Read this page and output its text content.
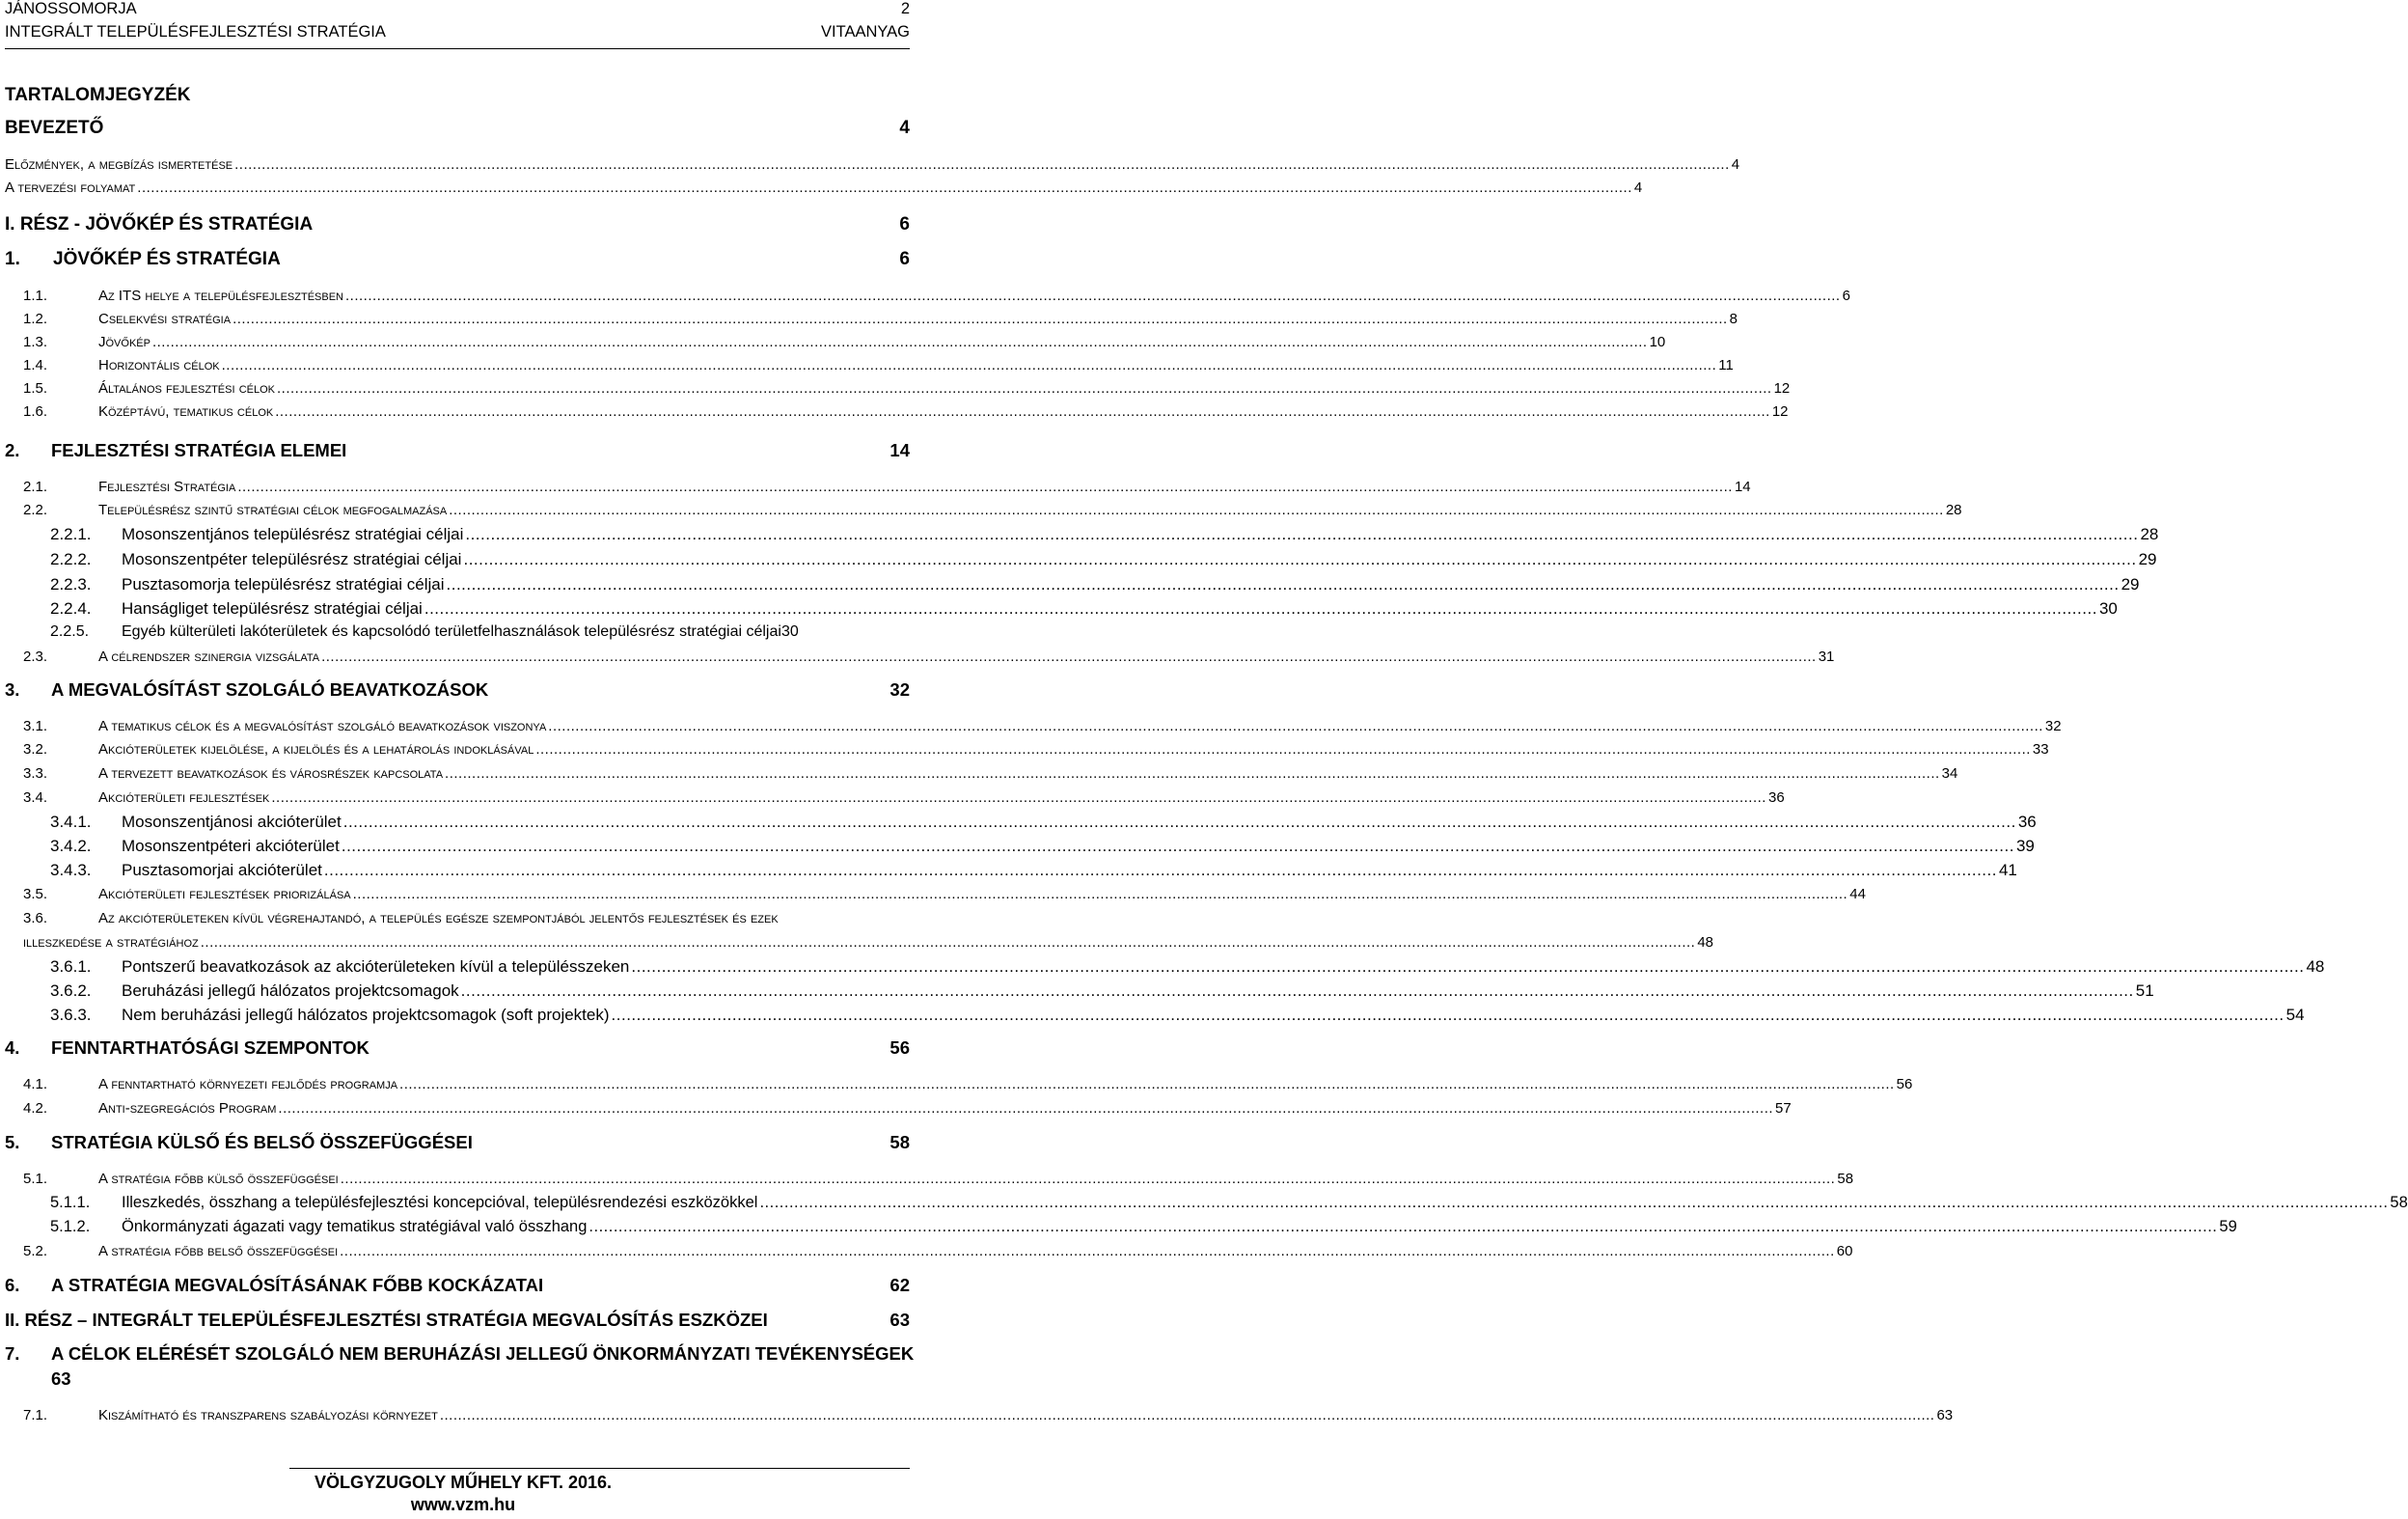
JÁNOSSOMORJA	2
INTEGRÁLT TELEPÜLÉSFEJLESZTÉSI STRATÉGIA	VITAANYAG
TARTALOMJEGYZÉK
BEVEZETŐ	4
Előzmények, a megbízás ismertetése .....	4
A tervezési folyamat .....	4
I. RÉSZ - JÖVŐKÉP ÉS STRATÉGIA	6
1.	JÖVŐKÉP ÉS STRATÉGIA	6
1.1.	Az ITS helye a településfejlesztésben .....	6
1.2.	Cselekvési stratégia .....	8
1.3.	Jövőkép .....	10
1.4.	Horizontális célok .....	11
1.5.	Általános fejlesztési célok .....	12
1.6.	Középtávú, tematikus célok .....	12
2.	FEJLESZTÉSI STRATÉGIA ELEMEI	14
2.1.	Fejlesztési Stratégia .....	14
2.2.	Településrész szintű stratégiai célok megfogalmazása .....	28
2.2.1.	Mosonszentjános településrész stratégiai céljai .....	28
2.2.2.	Mosonszentpéter településrész stratégiai céljai .....	29
2.2.3.	Pusztasomorja településrész stratégiai céljai .....	29
2.2.4.	Hanságliget településrész stratégiai céljai .....	30
2.2.5.	Egyéb külterületi lakóterületek és kapcsolódó területfelhasználások településrész stratégiai céljai 30
2.3.	A célrendszer szinergia vizsgálata .....	31
3.	A MEGVALÓSÍTÁST SZOLGÁLÓ BEAVATKOZÁSOK	32
3.1.	A tematikus célok és a megvalósítást szolgáló beavatkozások viszonya .....	32
3.2.	Akcióterületek kijelölése, a kijelölés és a lehatárolás indoklásával .....	33
3.3.	A tervezett beavatkozások és városrészek kapcsolata .....	34
3.4.	Akcióterületi fejlesztések .....	36
3.4.1.	Mosonszentjánosi akcióterület .....	36
3.4.2.	Mosonszentpéteri akcióterület .....	39
3.4.3.	Pusztasomorjai akcióterület .....	41
3.5.	Akcióterületi fejlesztések priorizálása .....	44
3.6.	Az akcióterületeken kívül végrehajtandó, a település egésze szempontjából jelentős fejlesztések és ezek
illeszkedése a stratégiához .....	48
3.6.1.	Pontszerű beavatkozások az akcióterületeken kívül a településszeken .....	48
3.6.2.	Beruházási jellegű hálózatos projektcsomagok .....	51
3.6.3.	Nem beruházási jellegű hálózatos projektcsomagok (soft projektek) .....	54
4.	FENNTARTHATÓSÁGI SZEMPONTOK	56
4.1.	A fenntartható környezeti fejlődés programja .....	56
4.2.	Anti-szegregációs Program .....	57
5.	STRATÉGIA KÜLSŐ ÉS BELSŐ ÖSSZEFÜGGÉSEI	58
5.1.	A stratégia főbb külső összefüggései .....	58
5.1.1.	Illeszkedés, összhang a településfejlesztési koncepcióval, településrendezési eszközökkel .....	58
5.1.2.	Önkormányzati ágazati vagy tematikus stratégiával való összhang .....	59
5.2.	A stratégia főbb belső összefüggései .....	60
6.	A STRATÉGIA MEGVALÓSÍTÁSÁNAK FŐBB KOCKÁZATAI	62
II. RÉSZ – INTEGRÁLT TELEPÜLÉSFEJLESZTÉSI STRATÉGIA MEGVALÓSÍTÁS ESZKÖZEI	63
7.	A CÉLOK ELÉRÉSÉT SZOLGÁLÓ NEM BERUHÁZÁSI JELLEGŰ ÖNKORMÁNYZATI TEVÉKENYSÉGEK
63
7.1.	Kiszámítható és transzparens szabályozási környezet .....	63
VÖLGYZUGOLY MŰHELY KFT. 2016.
www.vzm.hu
